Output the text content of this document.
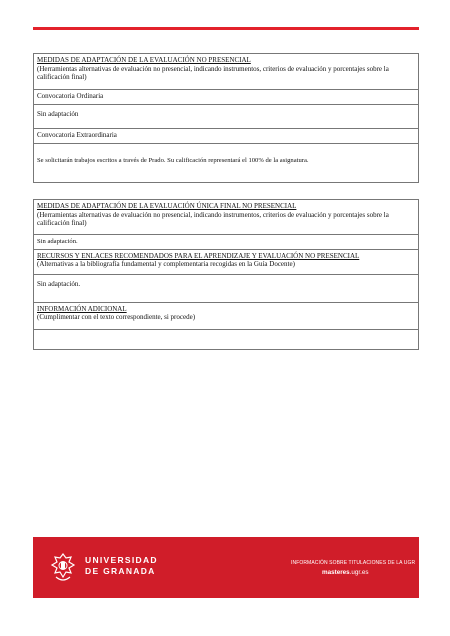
MEDIDAS DE ADAPTACIÓN DE LA EVALUACIÓN NO PRESENCIAL
(Herramientas alternativas de evaluación no presencial, indicando instrumentos, criterios de evaluación y porcentajes sobre la calificación final)

Convocatoria Ordinaria
Sin adaptación
Convocatoria Extraordinaria
Se solicitarán trabajos escritos a través de Prado. Su calificación representará el 100% de la asignatura.
MEDIDAS DE ADAPTACIÓN DE LA EVALUACIÓN ÚNICA FINAL NO PRESENCIAL
(Herramientas alternativas de evaluación no presencial, indicando instrumentos, criterios de evaluación y porcentajes sobre la calificación final)

Sin adaptación.

RECURSOS Y ENLACES RECOMENDADOS PARA EL APRENDIZAJE Y EVALUACIÓN NO PRESENCIAL
(Alternativas a la bibliografía fundamental y complementaria recogidas en la Guía Docente)

Sin adaptación.

INFORMACIÓN ADICIONAL
(Cumplimentar con el texto correspondiente, si procede)

UNIVERSIDAD
DE GRANADA
INFORMACIÓN SOBRE TITULACIONES DE LA UGR
masteres.ugr.es
